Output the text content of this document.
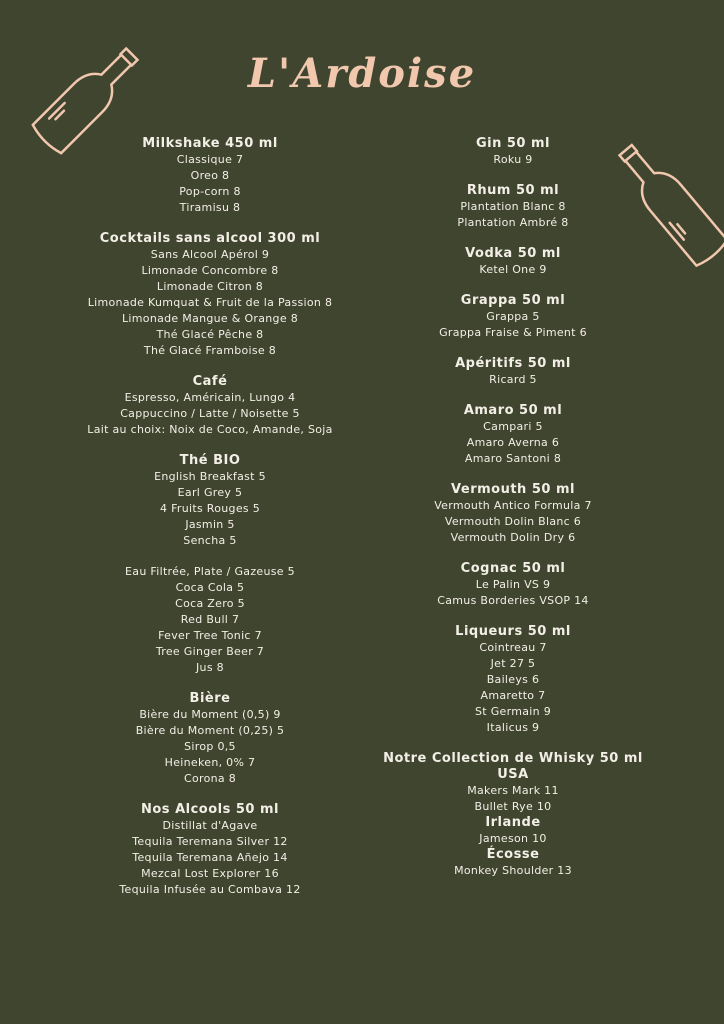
L'Ardoise
Milkshake 450 ml
Classique 7
Oreo 8
Pop-corn 8
Tiramisu 8
Cocktails sans alcool 300 ml
Sans Alcool Apérol 9
Limonade Concombre 8
Limonade Citron 8
Limonade Kumquat & Fruit de la Passion 8
Limonade Mangue & Orange 8
Thé Glacé Pêche 8
Thé Glacé Framboise 8
Café
Espresso, Américain, Lungo 4
Cappuccino / Latte / Noisette 5
Lait au choix: Noix de Coco, Amande, Soja
Thé BIO
English Breakfast 5
Earl Grey 5
4 Fruits Rouges 5
Jasmin 5
Sencha 5
Eau Filtrée, Plate / Gazeuse 5
Coca Cola 5
Coca Zero 5
Red Bull 7
Fever Tree Tonic 7
Tree Ginger Beer 7
Jus 8
Bière
Bière du Moment (0,5) 9
Bière du Moment (0,25) 5
Sirop 0,5
Heineken, 0% 7
Corona 8
Nos Alcools 50 ml
Distillat d'Agave
Tequila Teremana Silver 12
Tequila Teremana Añejo 14
Mezcal Lost Explorer 16
Tequila Infusée au Combava 12
Gin 50 ml
Roku 9
Rhum 50 ml
Plantation Blanc 8
Plantation Ambré 8
Vodka 50 ml
Ketel One 9
Grappa 50 ml
Grappa 5
Grappa Fraise & Piment 6
Apéritifs 50 ml
Ricard 5
Amaro 50 ml
Campari 5
Amaro Averna 6
Amaro Santoni 8
Vermouth 50 ml
Vermouth Antico Formula 7
Vermouth Dolin Blanc 6
Vermouth Dolin Dry 6
Cognac 50 ml
Le Palin VS 9
Camus Borderies VSOP 14
Liqueurs 50 ml
Cointreau 7
Jet 27 5
Baileys 6
Amaretto 7
St Germain 9
Italicus 9
Notre Collection de Whisky 50 ml
USA
Makers Mark 11
Bullet Rye 10
Irlande
Jameson 10
Écosse
Monkey Shoulder 13
